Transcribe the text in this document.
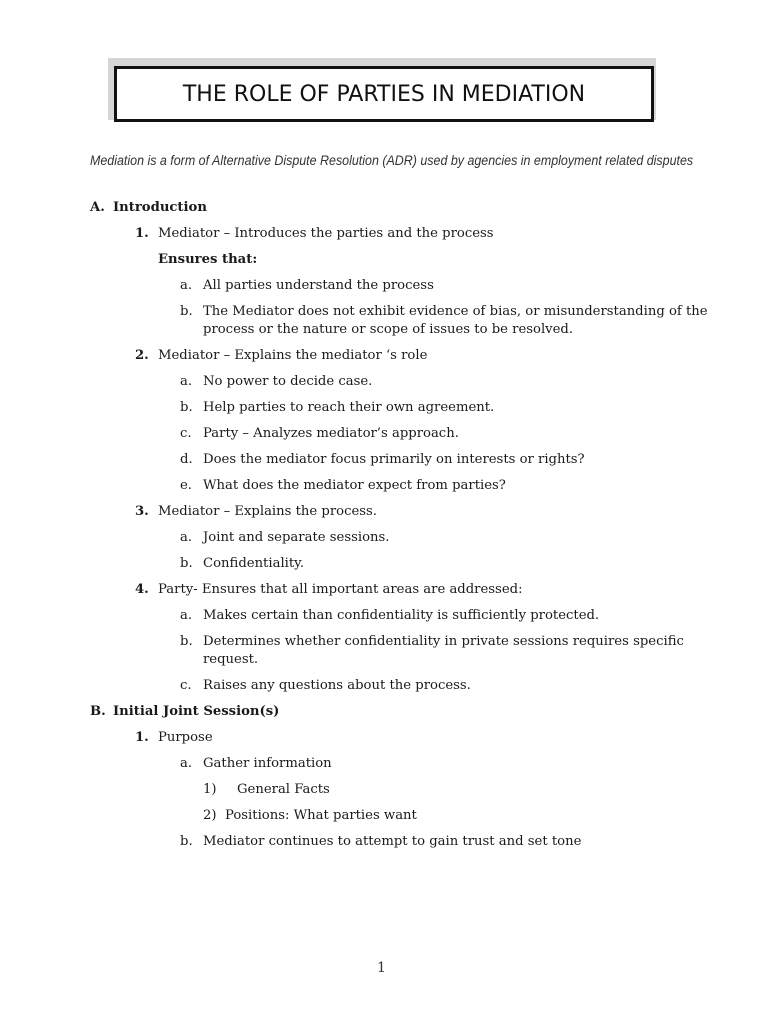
THE ROLE OF PARTIES IN MEDIATION
Mediation is a form of Alternative Dispute Resolution (ADR) used by agencies in employment related disputes
A. Introduction
1. Mediator – Introduces the parties and the process
Ensures that:
a. All parties understand the process
b. The Mediator does not exhibit evidence of bias, or misunderstanding of the
process or the nature or scope of issues to be resolved.
2. Mediator – Explains the mediator ‘s role
a. No power to decide case.
b. Help parties to reach their own agreement.
c. Party – Analyzes mediator’s approach.
d. Does the mediator focus primarily on interests or rights?
e. What does the mediator expect from parties?
3. Mediator – Explains the process.
a. Joint and separate sessions.
b. Confidentiality.
4. Party- Ensures that all important areas are addressed:
a. Makes certain than confidentiality is sufficiently protected.
b. Determines whether confidentiality in private sessions requires specific
request.
c. Raises any questions about the process.
B. Initial Joint Session(s)
1. Purpose
a. Gather information
1) General Facts
2) Positions: What parties want
b. Mediator continues to attempt to gain trust and set tone
1
